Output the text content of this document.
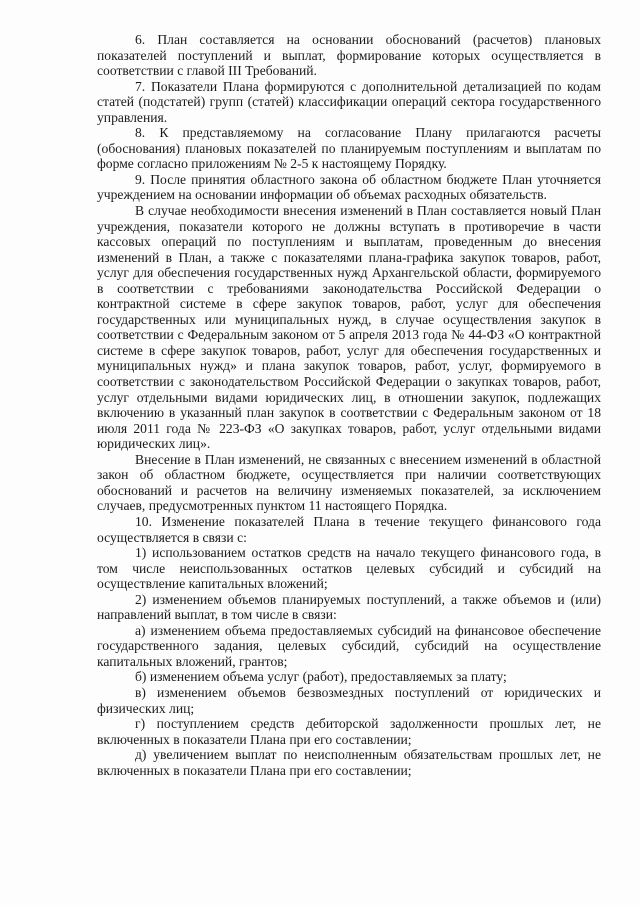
6. План составляется на основании обоснований (расчетов) плановых показателей поступлений и выплат, формирование которых осуществляется в соответствии с главой III Требований.

7. Показатели Плана формируются с дополнительной детализацией по кодам статей (подстатей) групп (статей) классификации операций сектора государственного управления.

8. К представляемому на согласование Плану прилагаются расчеты (обоснования) плановых показателей по планируемым поступлениям и выплатам по форме согласно приложениям № 2-5 к настоящему Порядку.

9. После принятия областного закона об областном бюджете План уточняется учреждением на основании информации об объемах расходных обязательств.

В случае необходимости внесения изменений в План составляется новый План учреждения, показатели которого не должны вступать в противоречие в части кассовых операций по поступлениям и выплатам, проведенным до внесения изменений в План, а также с показателями плана-графика закупок товаров, работ, услуг для обеспечения государственных нужд Архангельской области, формируемого в соответствии с требованиями законодательства Российской Федерации о контрактной системе в сфере закупок товаров, работ, услуг для обеспечения государственных или муниципальных нужд, в случае осуществления закупок в соответствии с Федеральным законом от 5 апреля 2013 года № 44-ФЗ «О контрактной системе в сфере закупок товаров, работ, услуг для обеспечения государственных и муниципальных нужд» и плана закупок товаров, работ, услуг, формируемого в соответствии с законодательством Российской Федерации о закупках товаров, работ, услуг отдельными видами юридических лиц, в отношении закупок, подлежащих включению в указанный план закупок в соответствии с Федеральным законом от 18 июля 2011 года № 223-ФЗ «О закупках товаров, работ, услуг отдельными видами юридических лиц».

Внесение в План изменений, не связанных с внесением изменений в областной закон об областном бюджете, осуществляется при наличии соответствующих обоснований и расчетов на величину изменяемых показателей, за исключением случаев, предусмотренных пунктом 11 настоящего Порядка.

10. Изменение показателей Плана в течение текущего финансового года осуществляется в связи с:

1) использованием остатков средств на начало текущего финансового года, в том числе неиспользованных остатков целевых субсидий и субсидий на осуществление капитальных вложений;

2) изменением объемов планируемых поступлений, а также объемов и (или) направлений выплат, в том числе в связи:

а) изменением объема предоставляемых субсидий на финансовое обеспечение государственного задания, целевых субсидий, субсидий на осуществление капитальных вложений, грантов;

б) изменением объема услуг (работ), предоставляемых за плату;

в) изменением объемов безвозмездных поступлений от юридических и физических лиц;

г) поступлением средств дебиторской задолженности прошлых лет, не включенных в показатели Плана при его составлении;

д) увеличением выплат по неисполненным обязательствам прошлых лет, не включенных в показатели Плана при его составлении;
